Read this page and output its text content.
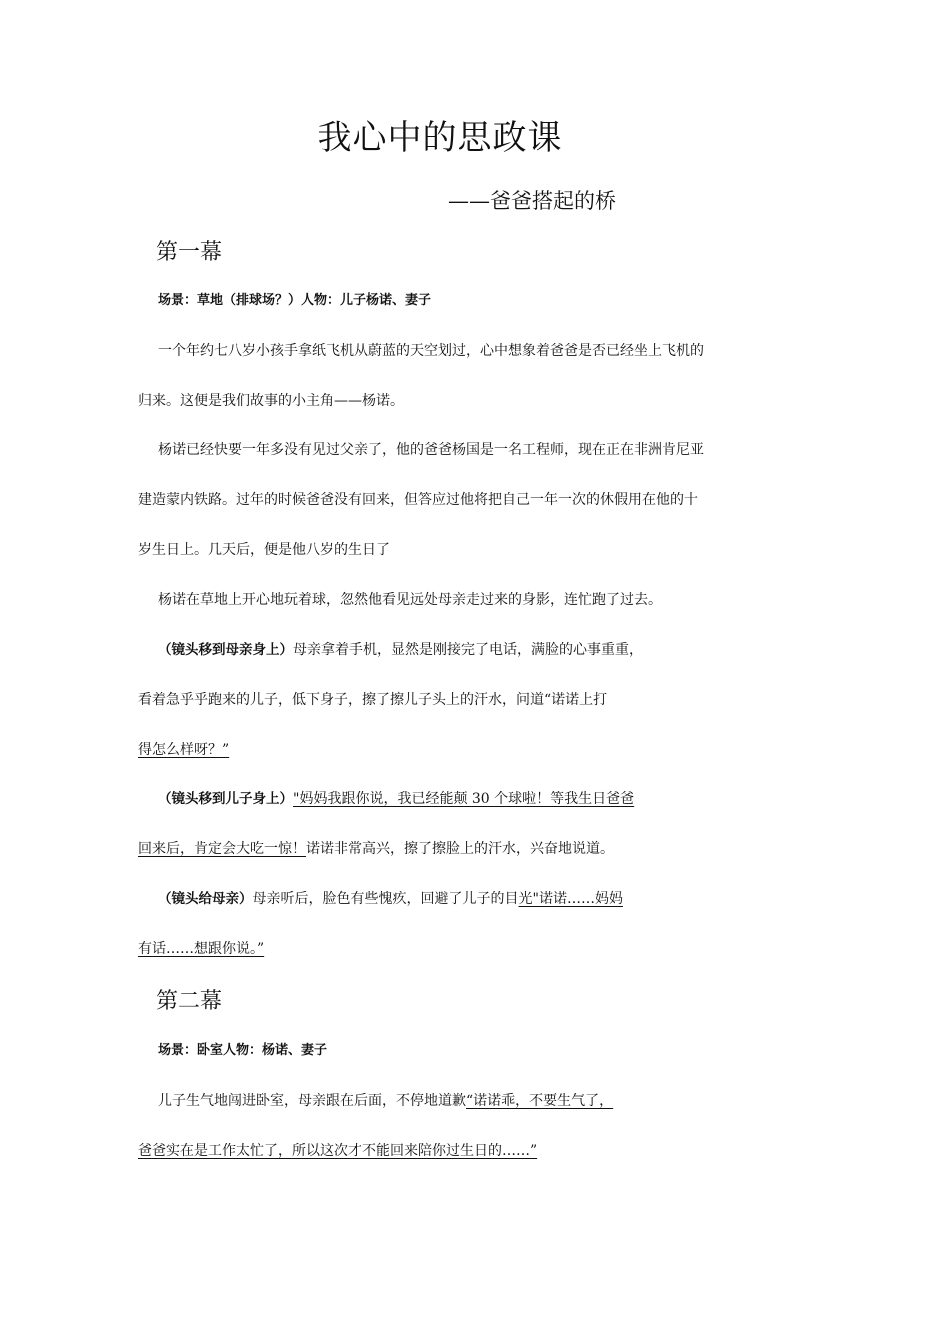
我心中的思政课

——爸爸搭起的桥

第一幕

场景：草地（排球场？）人物：儿子杨诺、妻子

一个年约七八岁小孩手拿纸飞机从蔚蓝的天空划过，心中想象着爸爸是否已经坐上飞机的

归来。这便是我们故事的小主角——杨诺。

杨诺已经快要一年多没有见过父亲了，他的爸爸杨国是一名工程师，现在正在非洲肯尼亚

建造蒙内铁路。过年的时候爸爸没有回来，但答应过他将把自己一年一次的休假用在他的十

岁生日上。几天后，便是他八岁的生日了

杨诺在草地上开心地玩着球，忽然他看见远处母亲走过来的身影，连忙跑了过去。

（镜头移到母亲身上）母亲拿着手机，显然是刚接完了电话，满脸的心事重重，

看着急乎乎跑来的儿子，低下身子，擦了擦儿子头上的汗水，问道“诺诺上打

得怎么样呀？”

（镜头移到儿子身上）"妈妈我跟你说，我已经能颠 30 个球啦！等我生日爸爸

回来后，肯定会大吃一惊！诺诺非常高兴，擦了擦脸上的汗水，兴奋地说道。

（镜头给母亲）母亲听后，脸色有些愧疚，回避了儿子的目光"诺诺……妈妈

有话……想跟你说。”

第二幕

场景：卧室人物：杨诺、妻子

儿子生气地闯进卧室，母亲跟在后面，不停地道歉“诺诺乖，不要生气了，

爸爸实在是工作太忙了，所以这次才不能回来陪你过生日的……”
